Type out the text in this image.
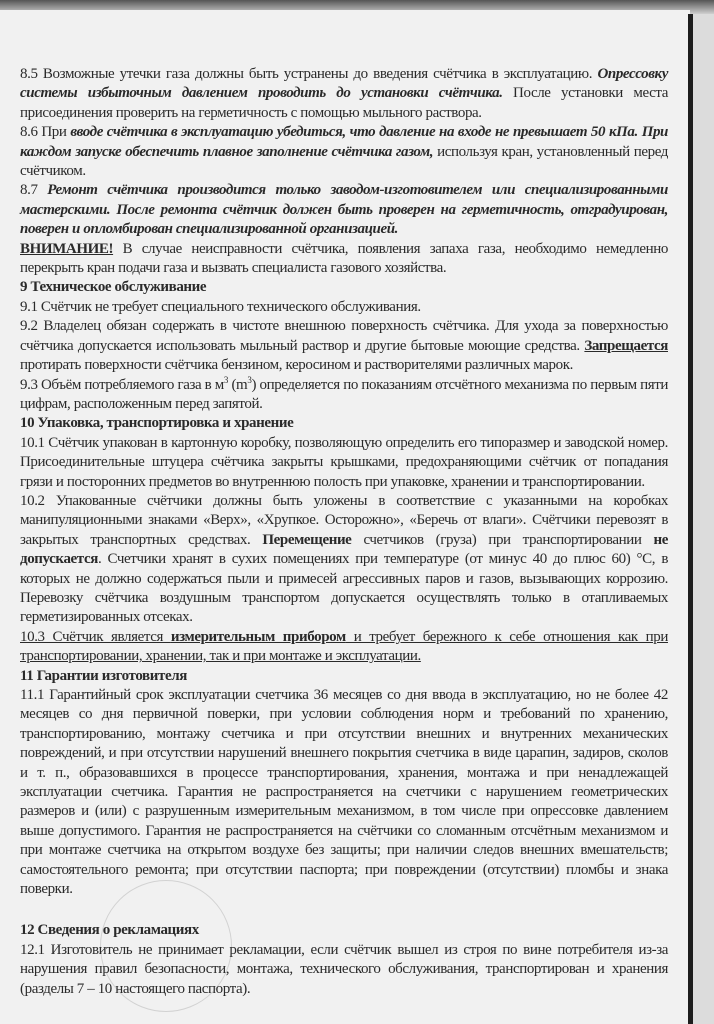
8.5 Возможные утечки газа должны быть устранены до введения счётчика в эксплуатацию. Опрессовку системы избыточным давлением проводить до установки счётчика. После установки места присоединения проверить на герметичность с помощью мыльного раствора.

8.6 При вводе счётчика в эксплуатацию убедиться, что давление на входе не превышает 50 кПа. При каждом запуске обеспечить плавное заполнение счётчика газом, используя кран, установленный перед счётчиком.

8.7 Ремонт счётчика производится только заводом-изготовителем или специализированными мастерскими. После ремонта счётчик должен быть проверен на герметичность, отградуирован, поверен и опломбирован специализированной организацией.

ВНИМАНИЕ! В случае неисправности счётчика, появления запаха газа, необходимо немедленно перекрыть кран подачи газа и вызвать специалиста газового хозяйства.

9 Техническое обслуживание

9.1 Счётчик не требует специального технического обслуживания.

9.2 Владелец обязан содержать в чистоте внешнюю поверхность счётчика. Для ухода за поверхностью счётчика допускается использовать мыльный раствор и другие бытовые моющие средства. Запрещается протирать поверхности счётчика бензином, керосином и растворителями различных марок.

9.3 Объём потребляемого газа в $м^3$ $(m^3)$ определяется по показаниям отсчётного механизма по первым пяти цифрам, расположенным перед запятой.

10 Упаковка, транспортировка и хранение

10.1 Счётчик упакован в картонную коробку, позволяющую определить его типоразмер и заводской номер. Присоединительные штуцера счётчика закрыты крышками, предохраняющими счётчик от попадания грязи и посторонних предметов во внутреннюю полость при упаковке, хранении и транспортировании.

10.2 Упакованные счётчики должны быть уложены в соответствие с указанными на коробках манипуляционными знаками «Верх», «Хрупкое. Осторожно», «Беречь от влаги». Счётчики перевозят в закрытых транспортных средствах. Перемещение счетчиков (груза) при транспортировании не допускается. Счетчики хранят в сухих помещениях при температуре (от минус 40 до плюс 60) °С, в которых не должно содержаться пыли и примесей агрессивных паров и газов, вызывающих коррозию. Перевозку счётчика воздушным транспортом допускается осуществлять только в отапливаемых герметизированных отсеках.

10.3 Счётчик является измерительным прибором и требует бережного к себе отношения как при транспортировании, хранении, так и при монтаже и эксплуатации.

11 Гарантии изготовителя

11.1 Гарантийный срок эксплуатации счетчика 36 месяцев со дня ввода в эксплуатацию, но не более 42 месяцев со дня первичной поверки, при условии соблюдения норм и требований по хранению, транспортированию, монтажу счетчика и при отсутствии внешних и внутренних механических повреждений, и при отсутствии нарушений внешнего покрытия счетчика в виде царапин, задиров, сколов и т. п., образовавшихся в процессе транспортирования, хранения, монтажа и при ненадлежащей эксплуатации счетчика. Гарантия не распространяется на счетчики с нарушением геометрических размеров и (или) с разрушенным измерительным механизмом, в том числе при опрессовке давлением выше допустимого. Гарантия не распространяется на счётчики со сломанным отсчётным механизмом и при монтаже счетчика на открытом воздухе без защиты; при наличии следов внешних вмешательств; самостоятельного ремонта; при отсутствии паспорта; при повреждении (отсутствии) пломбы и знака поверки.

12 Сведения о рекламациях

12.1 Изготовитель не принимает рекламации, если счётчик вышел из строя по вине потребителя из-за нарушения правил безопасности, монтажа, технического обслуживания, транспортирован и хранения (разделы 7 – 10 настоящего паспорта).
